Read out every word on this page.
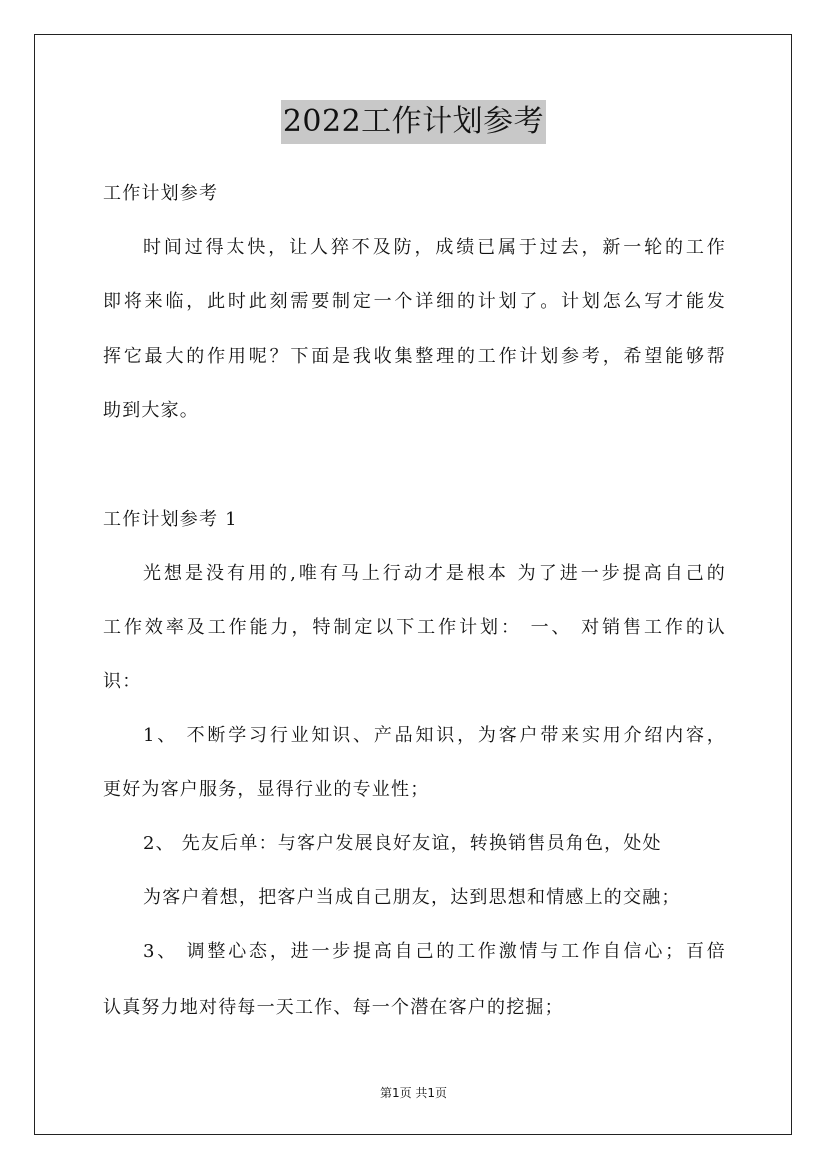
2022工作计划参考
工作计划参考
时间过得太快，让人猝不及防，成绩已属于过去，新一轮的工作
即将来临，此时此刻需要制定一个详细的计划了。计划怎么写才能发
挥它最大的作用呢？下面是我收集整理的工作计划参考，希望能够帮
助到大家。
工作计划参考 1
光想是没有用的,唯有马上行动才是根本 为了进一步提高自己的
工作效率及工作能力，特制定以下工作计划： 一、 对销售工作的认
识：
1、 不断学习行业知识、产品知识，为客户带来实用介绍内容，
更好为客户服务，显得行业的专业性；
2、 先友后单：与客户发展良好友谊，转换销售员角色，处处
为客户着想，把客户当成自己朋友，达到思想和情感上的交融；
3、 调整心态，进一步提高自己的工作激情与工作自信心；百倍
认真努力地对待每一天工作、每一个潜在客户的挖掘；
第1页 共1页
